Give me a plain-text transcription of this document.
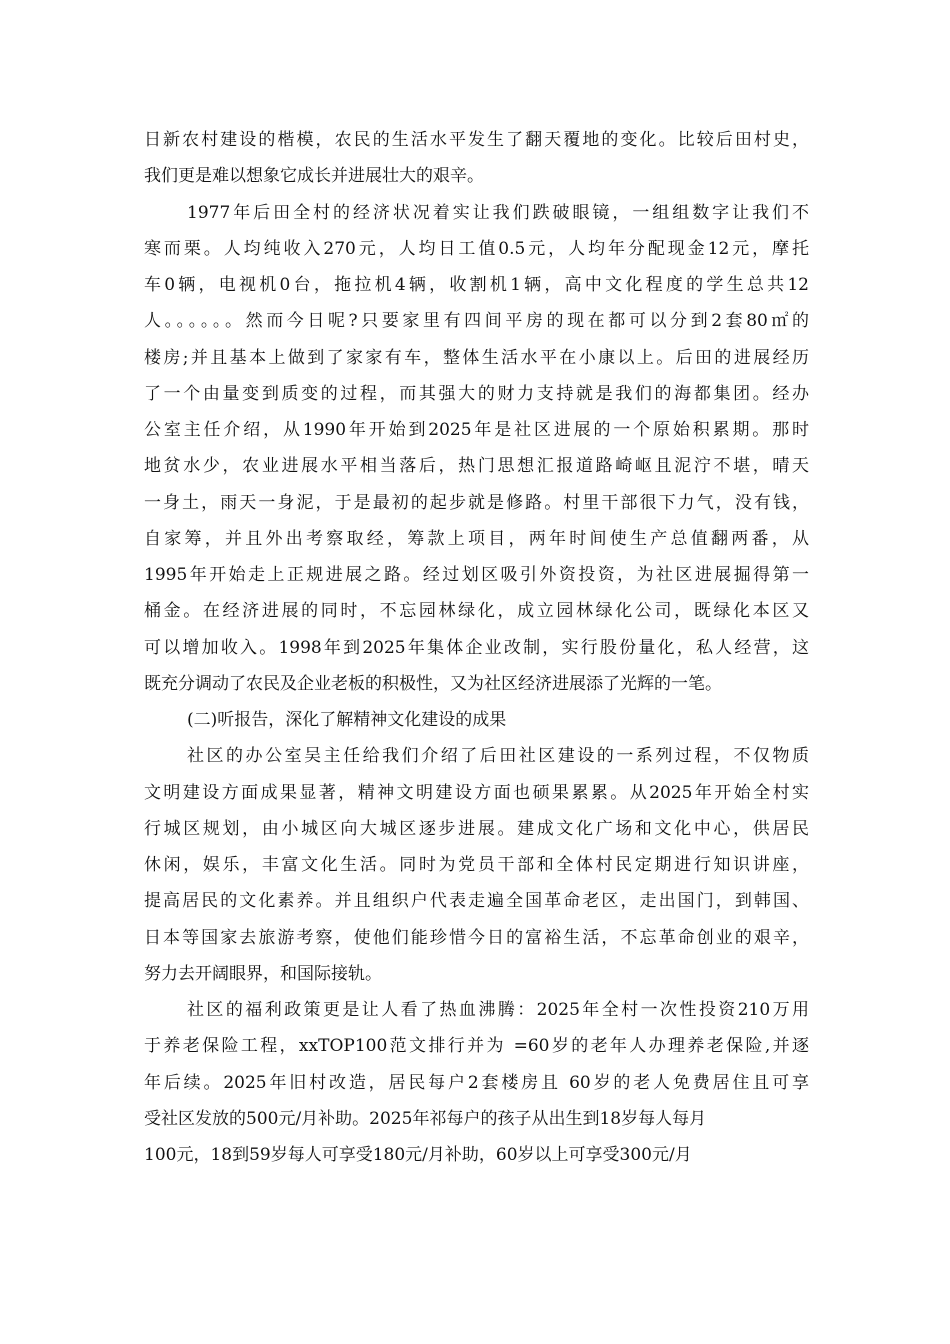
日新农村建设的楷模，农民的生活水平发生了翻天覆地的变化。比较后田村史，
我们更是难以想象它成长并进展壮大的艰辛。
1977年后田全村的经济状况着实让我们跌破眼镜，一组组数字让我们不
寒而栗。人均纯收入270元，人均日工值0.5元，人均年分配现金12元，摩托
车0辆，电视机0台，拖拉机4辆，收割机1辆，高中文化程度的学生总共12
人。。。。。。然而今日呢?只要家里有四间平房的现在都可以分到2套80㎡的
楼房;并且基本上做到了家家有车，整体生活水平在小康以上。后田的进展经历
了一个由量变到质变的过程，而其强大的财力支持就是我们的海都集团。经办
公室主任介绍，从1990年开始到2025年是社区进展的一个原始积累期。那时
地贫水少，农业进展水平相当落后，热门思想汇报道路崎岖且泥泞不堪，晴天
一身土，雨天一身泥，于是最初的起步就是修路。村里干部很下力气，没有钱，
自家筹，并且外出考察取经，筹款上项目，两年时间使生产总值翻两番，从
1995年开始走上正规进展之路。经过划区吸引外资投资，为社区进展掘得第一
桶金。在经济进展的同时，不忘园林绿化，成立园林绿化公司，既绿化本区又
可以增加收入。1998年到2025年集体企业改制，实行股份量化，私人经营，这
既充分调动了农民及企业老板的积极性，又为社区经济进展添了光辉的一笔。
(二)听报告，深化了解精神文化建设的成果
社区的办公室吴主任给我们介绍了后田社区建设的一系列过程，不仅物质
文明建设方面成果显著，精神文明建设方面也硕果累累。从2025年开始全村实
行城区规划，由小城区向大城区逐步进展。建成文化广场和文化中心，供居民
休闲，娱乐，丰富文化生活。同时为党员干部和全体村民定期进行知识讲座，
提高居民的文化素养。并且组织户代表走遍全国革命老区，走出国门，到韩国、
日本等国家去旅游考察，使他们能珍惜今日的富裕生活，不忘革命创业的艰辛，
努力去开阔眼界，和国际接轨。
社区的福利政策更是让人看了热血沸腾：2025年全村一次性投资210万用
于养老保险工程，xxTOP100范文排行并为 =60岁的老年人办理养老保险,并逐
年后续。2025年旧村改造，居民每户2套楼房且 60岁的老人免费居住且可享
受社区发放的500元/月补助。2025年祁每户的孩子从出生到18岁每人每月
100元，18到59岁每人可享受180元/月补助，60岁以上可享受300元/月
